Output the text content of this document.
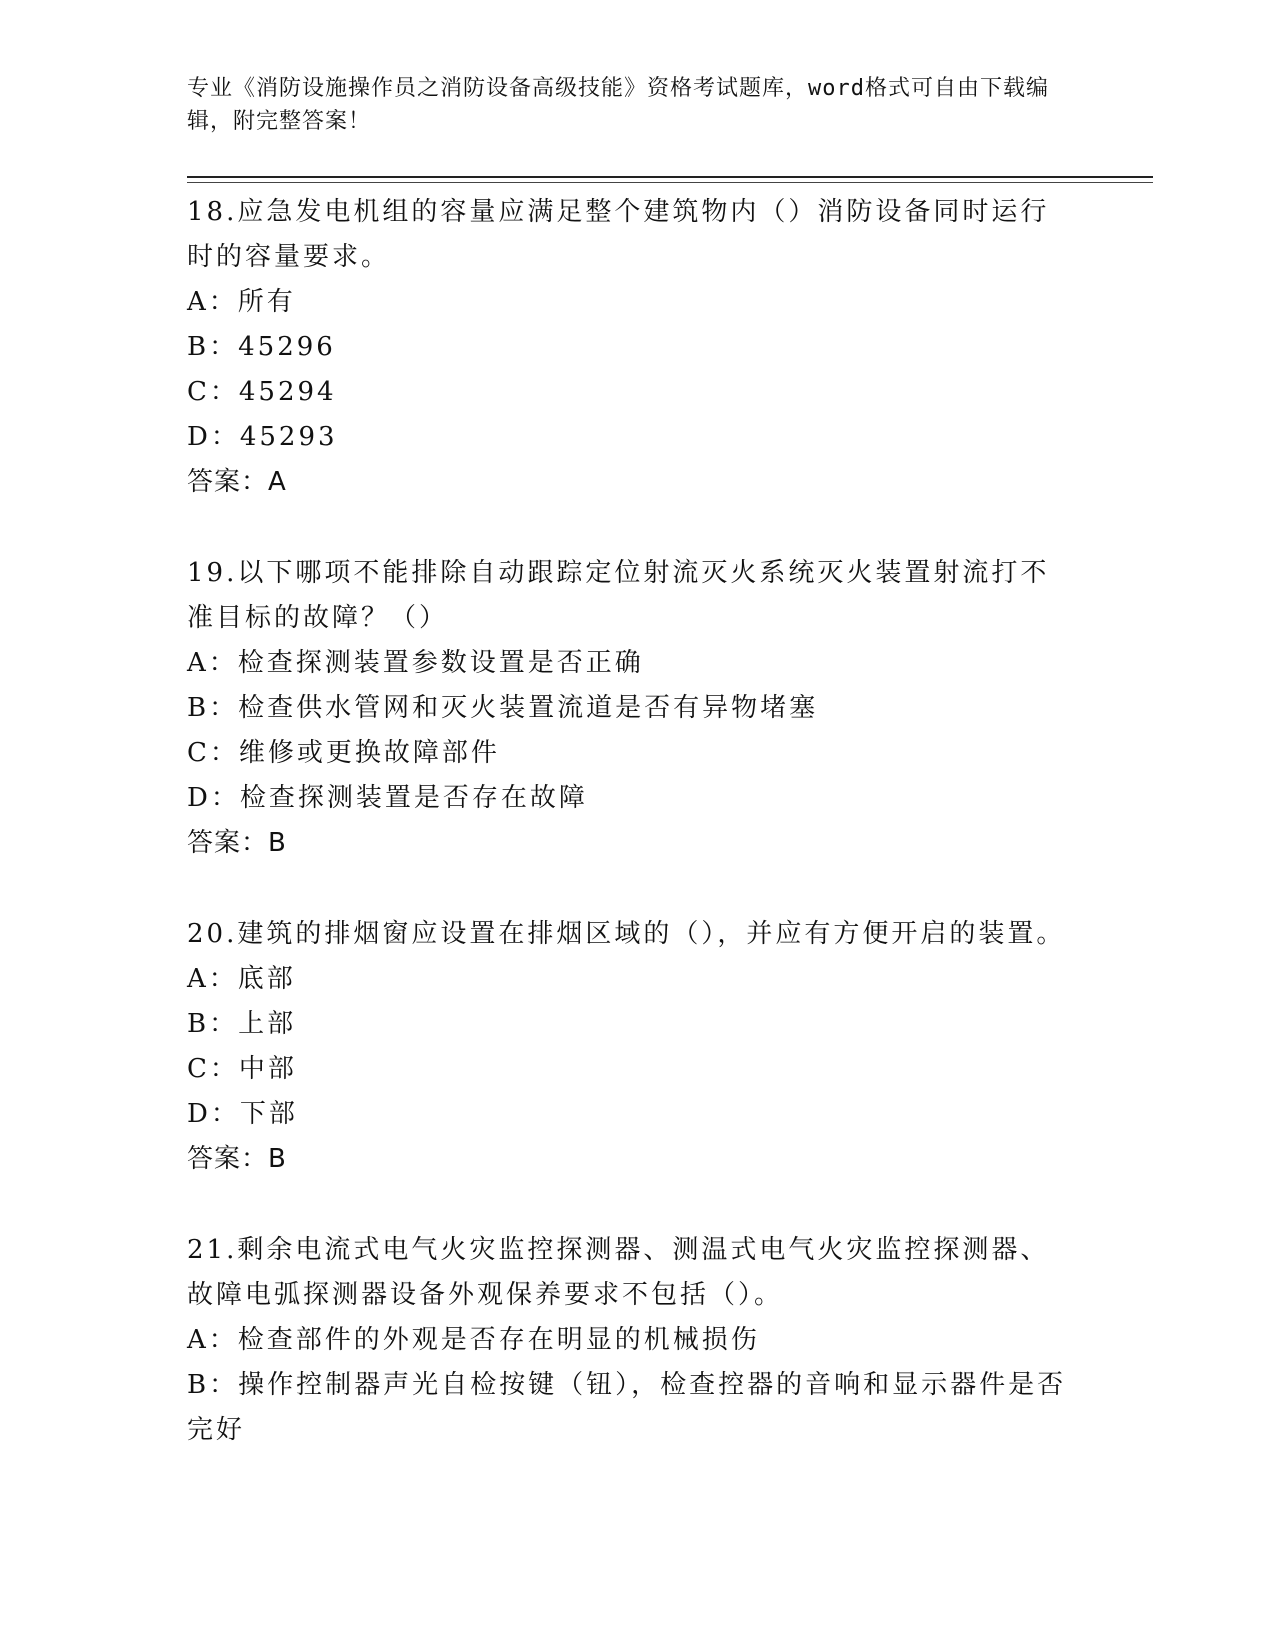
专业《消防设施操作员之消防设备高级技能》资格考试题库，word格式可自由下载编辑，附完整答案！

18.应急发电机组的容量应满足整个建筑物内（）消防设备同时运行时的容量要求。

A：所有

B：45296

C：45294

D：45293

答案：A

19.以下哪项不能排除自动跟踪定位射流灭火系统灭火装置射流打不准目标的故障？（）

A：检查探测装置参数设置是否正确

B：检查供水管网和灭火装置流道是否有异物堵塞

C：维修或更换故障部件

D：检查探测装置是否存在故障

答案：B

20.建筑的排烟窗应设置在排烟区域的（），并应有方便开启的装置。

A：底部

B：上部

C：中部

D：下部

答案：B

21.剩余电流式电气火灾监控探测器、测温式电气火灾监控探测器、故障电弧探测器设备外观保养要求不包括（）。

A：检查部件的外观是否存在明显的机械损伤

B：操作控制器声光自检按键（钮），检查控器的音响和显示器件是否完好
